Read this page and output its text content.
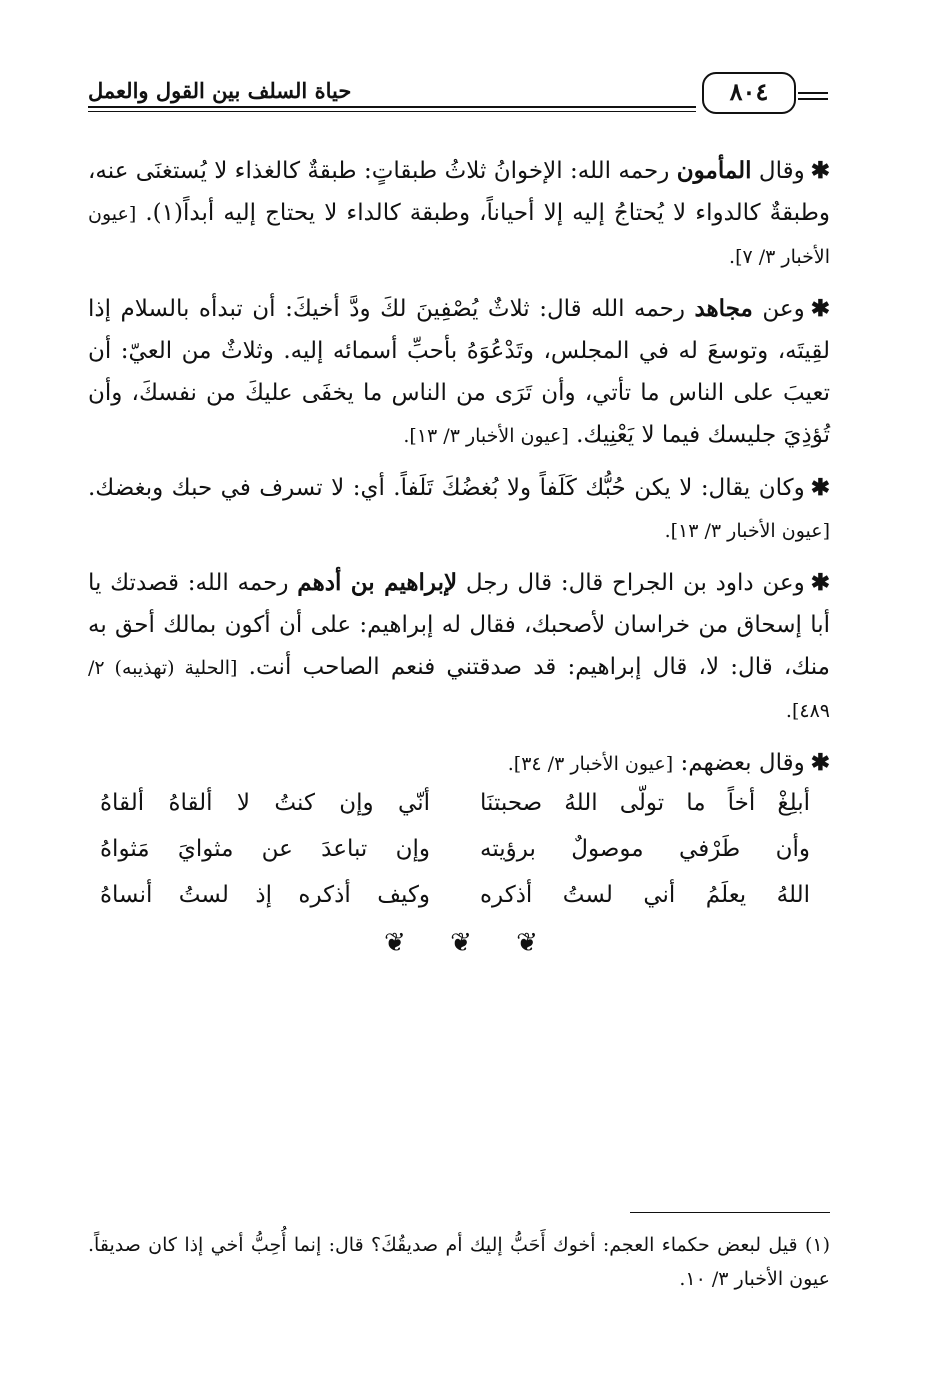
حياة السلف بين القول والعمل	٨٠٤

✱وقال المأمون رحمه الله: الإخوانُ ثلاثُ طبقاتٍ: طبقةٌ كالغذاء لا يُستغنَى عنه، وطبقةٌ كالدواء لا يُحتاجُ إليه إلا أحياناً، وطبقة كالداء لا يحتاج إليه أبداً(١). [عيون الأخبار ٣/ ٧].

✱وعن مجاهد رحمه الله قال: ثلاثٌ يُصْفِينَ لكَ ودَّ أخيكَ: أن تبدأه بالسلام إذا لقِيتَه، وتوسعَ له في المجلس، وتَدْعُوَهُ بأحبِّ أسمائه إليه. وثلاثٌ من العيّ: أن تعيبَ على الناس ما تأتي، وأن تَرَى من الناس ما يخفَى عليكَ من نفسكَ، وأن تُؤذِيَ جليسك فيما لا يَعْنِيك. [عيون الأخبار ٣/ ١٣].

✱وكان يقال: لا يكن حُبُّك كَلَفاً ولا بُغضُكَ تَلَفاً. أي: لا تسرف في حبك وبغضك. [عيون الأخبار ٣/ ١٣].

✱وعن داود بن الجراح قال: قال رجل لإبراهيم بن أدهم رحمه الله: قصدتك يا أبا إسحاق من خراسان لأصحبك، فقال له إبراهيم: على أن أكون بمالك أحق به منك، قال: لا، قال إبراهيم: قد صدقتني فنعم الصاحب أنت. [الحلية (تهذيبه) ٢/ ٤٨٩].

✱وقال بعضهم: [عيون الأخبار ٣/ ٣٤].

أبلِغْ أخاً ما تولّى اللهُ صحبتنَا
أنّي وإن كنتُ لا ألقاهُ ألقاهُ
وأن طَرْفي موصولٌ برؤيته
وإن تباعدَ عن مثوايَ مَثواهُ
اللهُ يعلَمُ أني لستُ أذكره
وكيف أذكره إذ لستُ أنساهُ
❦ ❦ ❦
(١) قيل لبعض حكماء العجم: أخوك أَحَبُّ إليك أم صديقُكَ؟ قال: إنما أُحِبُّ أخي إذا كان صديقاً. عيون الأخبار ٣/ ١٠.
